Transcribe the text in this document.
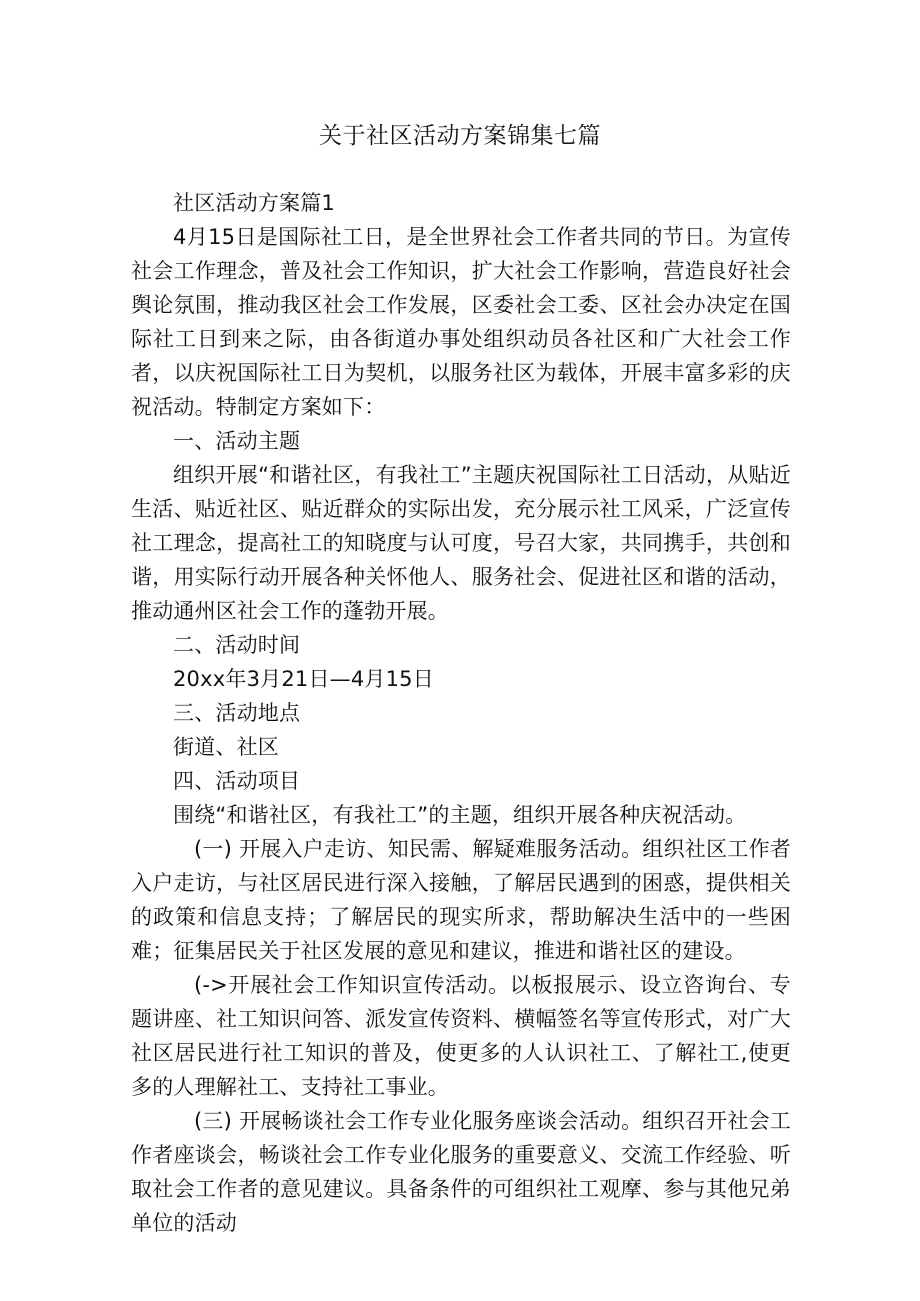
关于社区活动方案锦集七篇

社区活动方案篇1

4月15日是国际社工日，是全世界社会工作者共同的节日。为宣传社会工作理念，普及社会工作知识，扩大社会工作影响，营造良好社会舆论氛围，推动我区社会工作发展，区委社会工委、区社会办决定在国际社工日到来之际，由各街道办事处组织动员各社区和广大社会工作者，以庆祝国际社工日为契机，以服务社区为载体，开展丰富多彩的庆祝活动。特制定方案如下：

一、活动主题

组织开展“和谐社区，有我社工”主题庆祝国际社工日活动，从贴近生活、贴近社区、贴近群众的实际出发，充分展示社工风采，广泛宣传社工理念，提高社工的知晓度与认可度，号召大家，共同携手，共创和谐，用实际行动开展各种关怀他人、服务社会、促进社区和谐的活动，推动通州区社会工作的蓬勃开展。

二、活动时间

20xx年3月21日—4月15日

三、活动地点

街道、社区

四、活动项目

围绕“和谐社区，有我社工”的主题，组织开展各种庆祝活动。

(一) 开展入户走访、知民需、解疑难服务活动。组织社区工作者入户走访，与社区居民进行深入接触，了解居民遇到的困惑，提供相关的政策和信息支持；了解居民的现实所求，帮助解决生活中的一些困难；征集居民关于社区发展的意见和建议，推进和谐社区的建设。

(->开展社会工作知识宣传活动。以板报展示、设立咨询台、专题讲座、社工知识问答、派发宣传资料、横幅签名等宣传形式，对广大社区居民进行社工知识的普及，使更多的人认识社工、了解社工,使更多的人理解社工、支持社工事业。

(三) 开展畅谈社会工作专业化服务座谈会活动。组织召开社会工作者座谈会，畅谈社会工作专业化服务的重要意义、交流工作经验、听取社会工作者的意见建议。具备条件的可组织社工观摩、参与其他兄弟单位的活动
